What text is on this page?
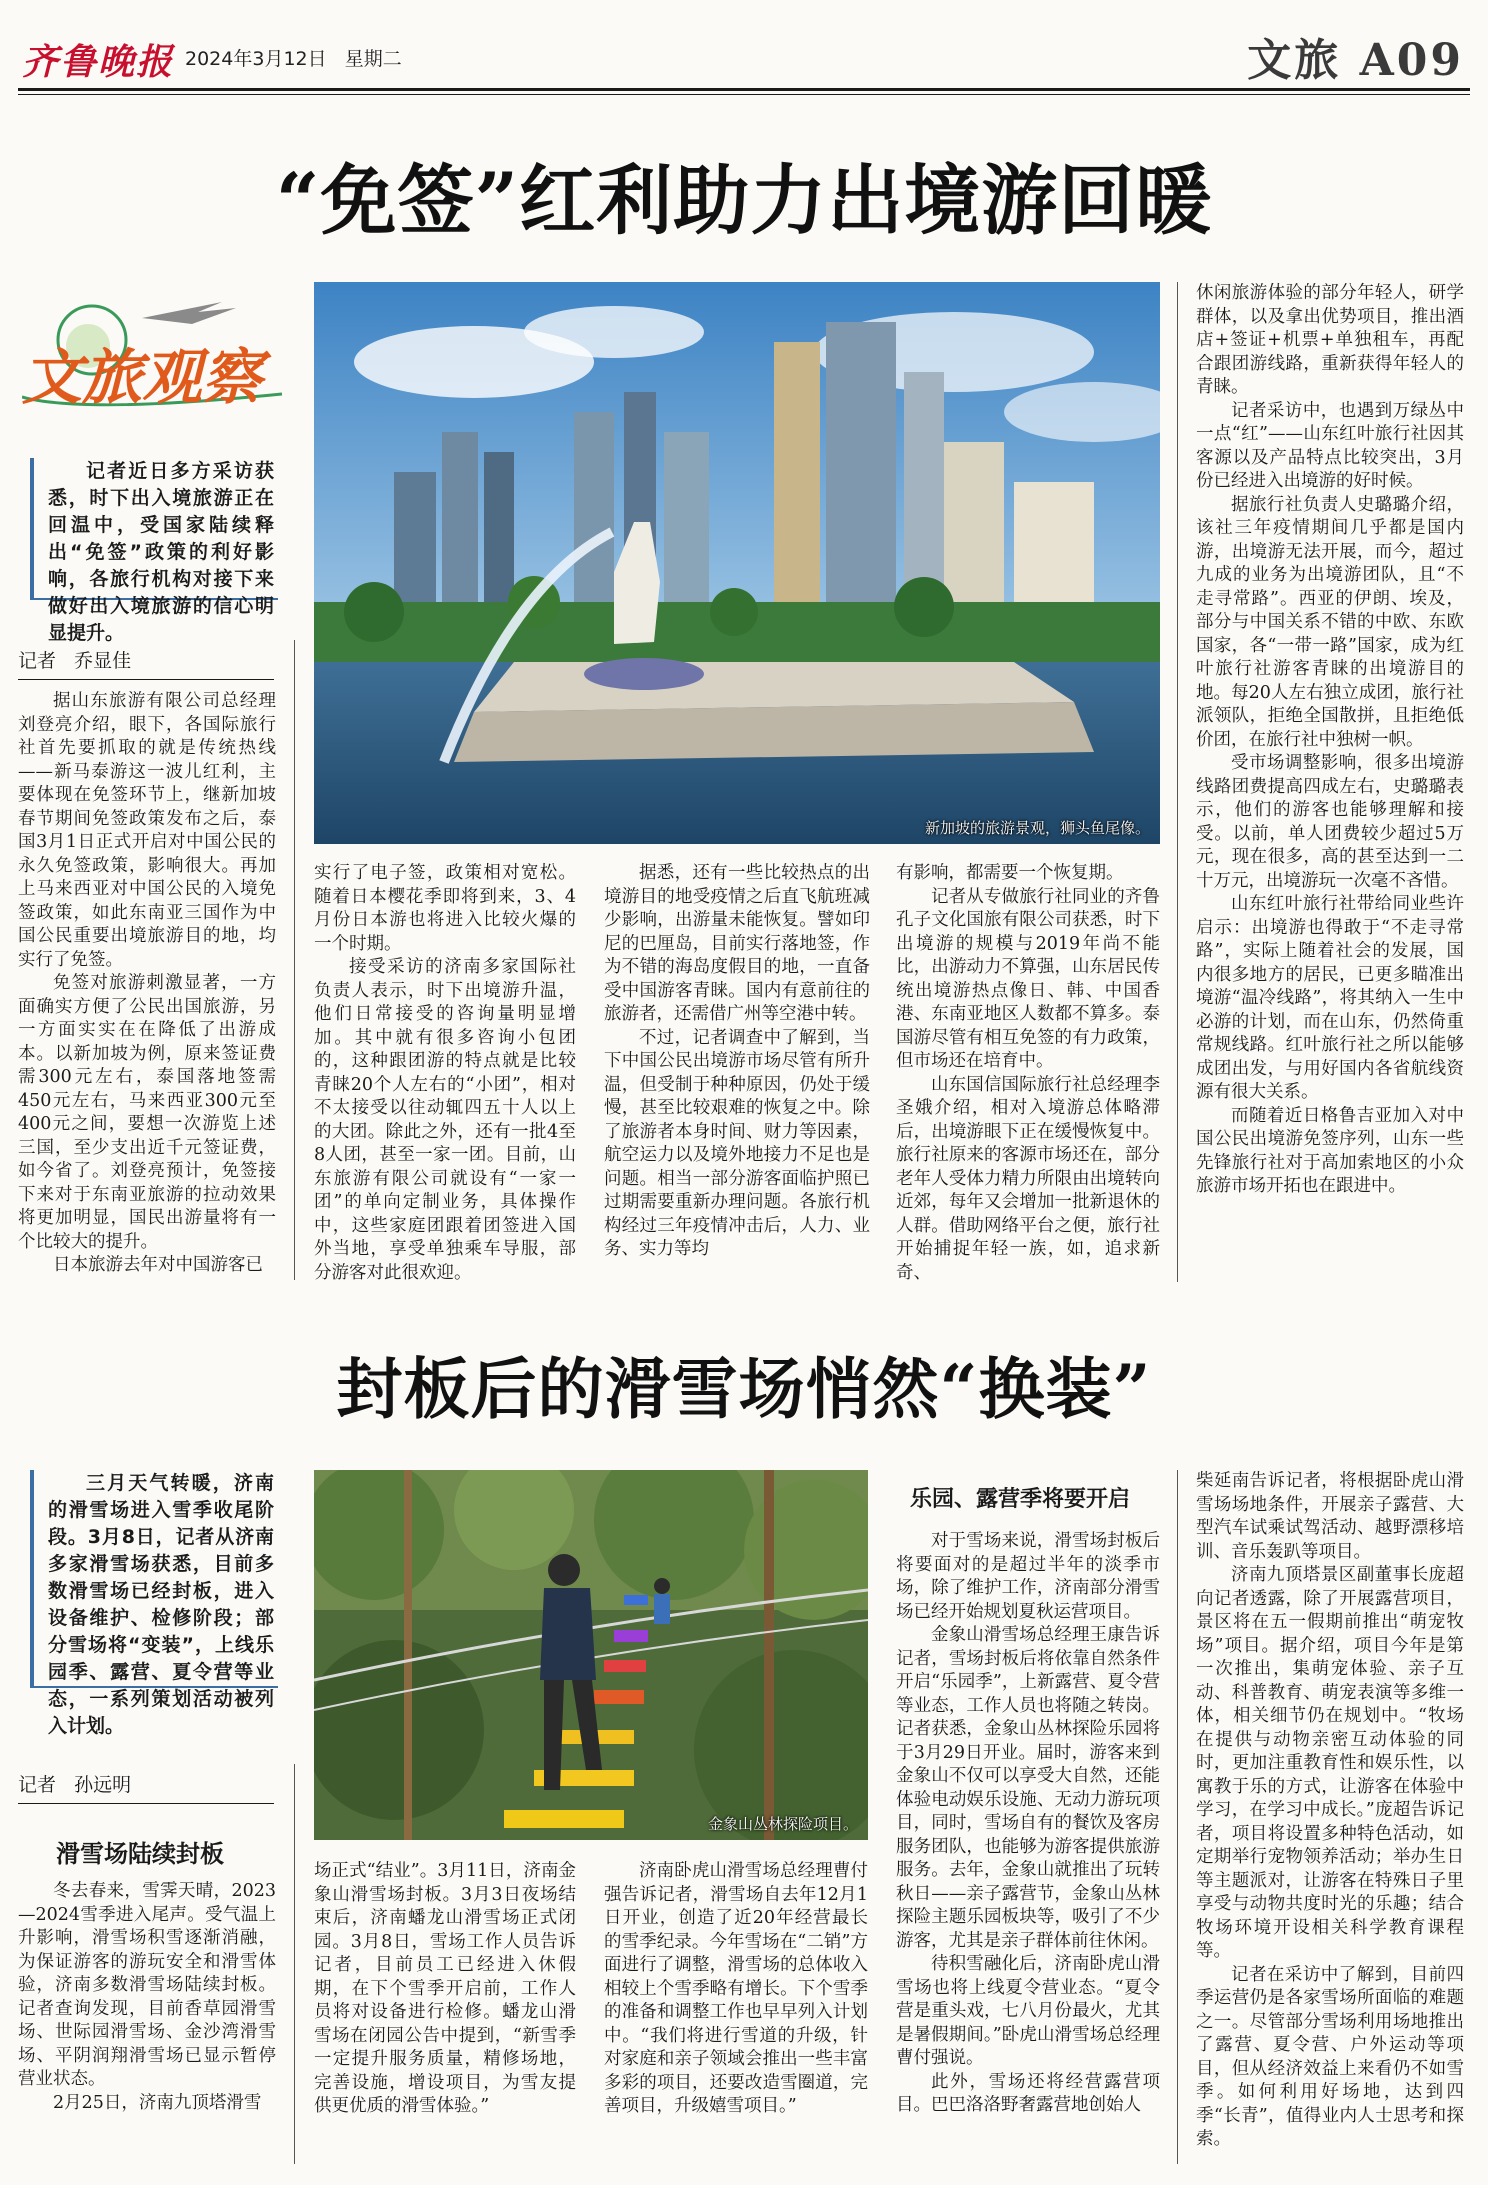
齐鲁晚报 2024年3月12日 星期二	文旅 A09
“免签”红利助力出境游回暖
文旅观察
记者近日多方采访获悉，时下出入境旅游正在回温中，受国家陆续释出“免签”政策的利好影响，各旅行机构对接下来做好出入境旅游的信心明显提升。
记者 乔显佳
新加坡的旅游景观，狮头鱼尾像。

据山东旅游有限公司总经理刘登亮介绍，眼下，各国际旅行社首先要抓取的就是传统热线——新马泰游这一波儿红利，主要体现在免签环节上，继新加坡春节期间免签政策发布之后，泰国3月1日正式开启对中国公民的永久免签政策，影响很大。再加上马来西亚对中国公民的入境免签政策，如此东南亚三国作为中国公民重要出境旅游目的地，均实行了免签。

免签对旅游刺激显著，一方面确实方便了公民出国旅游，另一方面实实在在降低了出游成本。以新加坡为例，原来签证费需300元左右，泰国落地签需450元左右，马来西亚300元至400元之间，要想一次游览上述三国，至少支出近千元签证费，如今省了。刘登亮预计，免签接下来对于东南亚旅游的拉动效果将更加明显，国民出游量将有一个比较大的提升。

日本旅游去年对中国游客已

实行了电子签，政策相对宽松。随着日本樱花季即将到来，3、4月份日本游也将进入比较火爆的一个时期。

接受采访的济南多家国际社负责人表示，时下出境游升温，他们日常接受的咨询量明显增加。其中就有很多咨询小包团的，这种跟团游的特点就是比较青睐20个人左右的“小团”，相对不太接受以往动辄四五十人以上的大团。除此之外，还有一批4至8人团，甚至一家一团。目前，山东旅游有限公司就设有“一家一团”的单向定制业务，具体操作中，这些家庭团跟着团签进入国外当地，享受单独乘车导服，部分游客对此很欢迎。

据悉，还有一些比较热点的出境游目的地受疫情之后直飞航班减少影响，出游量未能恢复。譬如印尼的巴厘岛，目前实行落地签，作为不错的海岛度假目的地，一直备受中国游客青睐。国内有意前往的旅游者，还需借广州等空港中转。

不过，记者调查中了解到，当下中国公民出境游市场尽管有所升温，但受制于种种原因，仍处于缓慢，甚至比较艰难的恢复之中。除了旅游者本身时间、财力等因素，航空运力以及境外地接力不足也是问题。相当一部分游客面临护照已过期需要重新办理问题。各旅行机构经过三年疫情冲击后，人力、业务、实力等均

有影响，都需要一个恢复期。

记者从专做旅行社同业的齐鲁孔子文化国旅有限公司获悉，时下出境游的规模与2019年尚不能比，出游动力不算强，山东居民传统出境游热点像日、韩、中国香港、东南亚地区人数都不算多。泰国游尽管有相互免签的有力政策，但市场还在培育中。

山东国信国际旅行社总经理李圣娥介绍，相对入境游总体略滞后，出境游眼下正在缓慢恢复中。旅行社原来的客源市场还在，部分老年人受体力精力所限由出境转向近郊，每年又会增加一批新退休的人群。借助网络平台之便，旅行社开始捕捉年轻一族，如，追求新奇、

休闲旅游体验的部分年轻人，研学群体，以及拿出优势项目，推出酒店+签证+机票+单独租车，再配合跟团游线路，重新获得年轻人的青睐。

记者采访中，也遇到万绿丛中一点“红”——山东红叶旅行社因其客源以及产品特点比较突出，3月份已经进入出境游的好时候。

据旅行社负责人史璐璐介绍，该社三年疫情期间几乎都是国内游，出境游无法开展，而今，超过九成的业务为出境游团队，且“不走寻常路”。西亚的伊朗、埃及，部分与中国关系不错的中欧、东欧国家，各“一带一路”国家，成为红叶旅行社游客青睐的出境游目的地。每20人左右独立成团，旅行社派领队，拒绝全国散拼，且拒绝低价团，在旅行社中独树一帜。

受市场调整影响，很多出境游线路团费提高四成左右，史璐璐表示，他们的游客也能够理解和接受。以前，单人团费较少超过5万元，现在很多，高的甚至达到一二十万元，出境游玩一次毫不吝惜。

山东红叶旅行社带给同业些许启示：出境游也得敢于“不走寻常路”，实际上随着社会的发展，国内很多地方的居民，已更多瞄准出境游“温冷线路”，将其纳入一生中必游的计划，而在山东，仍然倚重常规线路。红叶旅行社之所以能够成团出发，与用好国内各省航线资源有很大关系。

而随着近日格鲁吉亚加入对中国公民出境游免签序列，山东一些先锋旅行社对于高加索地区的小众旅游市场开拓也在跟进中。

封板后的滑雪场悄然“换装”
三月天气转暖，济南的滑雪场进入雪季收尾阶段。3月8日，记者从济南多家滑雪场获悉，目前多数滑雪场已经封板，进入设备维护、检修阶段；部分雪场将“变装”，上线乐园季、露营、夏令营等业态，一系列策划活动被列入计划。
记者 孙远明
滑雪场陆续封板
金象山丛林探险项目。

冬去春来，雪霁天晴，2023—2024雪季进入尾声。受气温上升影响，滑雪场积雪逐渐消融，为保证游客的游玩安全和滑雪体验，济南多数滑雪场陆续封板。记者查询发现，目前香草园滑雪场、世际园滑雪场、金沙湾滑雪场、平阴润翔滑雪场已显示暂停营业状态。

2月25日，济南九顶塔滑雪

场正式“结业”。3月11日，济南金象山滑雪场封板。3月3日夜场结束后，济南蟠龙山滑雪场正式闭园。3月8日，雪场工作人员告诉记者，目前员工已经进入休假期，在下个雪季开启前，工作人员将对设备进行检修。蟠龙山滑雪场在闭园公告中提到，“新雪季一定提升服务质量，精修场地，完善设施，增设项目，为雪友提供更优质的滑雪体验。”

济南卧虎山滑雪场总经理曹付强告诉记者，滑雪场自去年12月1日开业，创造了近20年经营最长的雪季纪录。今年雪场在“二销”方面进行了调整，滑雪场的总体收入相较上个雪季略有增长。下个雪季的准备和调整工作也早早列入计划中。“我们将进行雪道的升级，针对家庭和亲子领域会推出一些丰富多彩的项目，还要改造雪圈道，完善项目，升级嬉雪项目。”

乐园、露营季将要开启

对于雪场来说，滑雪场封板后将要面对的是超过半年的淡季市场，除了维护工作，济南部分滑雪场已经开始规划夏秋运营项目。

金象山滑雪场总经理王康告诉记者，雪场封板后将依靠自然条件开启“乐园季”，上新露营、夏令营等业态，工作人员也将随之转岗。记者获悉，金象山丛林探险乐园将于3月29日开业。届时，游客来到金象山不仅可以享受大自然，还能体验电动娱乐设施、无动力游玩项目，同时，雪场自有的餐饮及客房服务团队，也能够为游客提供旅游服务。去年，金象山就推出了玩转秋日——亲子露营节，金象山丛林探险主题乐园板块等，吸引了不少游客，尤其是亲子群体前往休闲。

待积雪融化后，济南卧虎山滑雪场也将上线夏令营业态。“夏令营是重头戏，七八月份最火，尤其是暑假期间。”卧虎山滑雪场总经理曹付强说。

此外，雪场还将经营露营项目。巴巴洛洛野奢露营地创始人

柴延南告诉记者，将根据卧虎山滑雪场场地条件，开展亲子露营、大型汽车试乘试驾活动、越野漂移培训、音乐轰趴等项目。

济南九顶塔景区副董事长庞超向记者透露，除了开展露营项目，景区将在五一假期前推出“萌宠牧场”项目。据介绍，项目今年是第一次推出，集萌宠体验、亲子互动、科普教育、萌宠表演等多维一体，相关细节仍在规划中。“牧场在提供与动物亲密互动体验的同时，更加注重教育性和娱乐性，以寓教于乐的方式，让游客在体验中学习，在学习中成长。”庞超告诉记者，项目将设置多种特色活动，如定期举行宠物领养活动；举办生日等主题派对，让游客在特殊日子里享受与动物共度时光的乐趣；结合牧场环境开设相关科学教育课程等。

记者在采访中了解到，目前四季运营仍是各家雪场所面临的难题之一。尽管部分雪场利用场地推出了露营、夏令营、户外运动等项目，但从经济效益上来看仍不如雪季。如何利用好场地，达到四季“长青”，值得业内人士思考和探索。
